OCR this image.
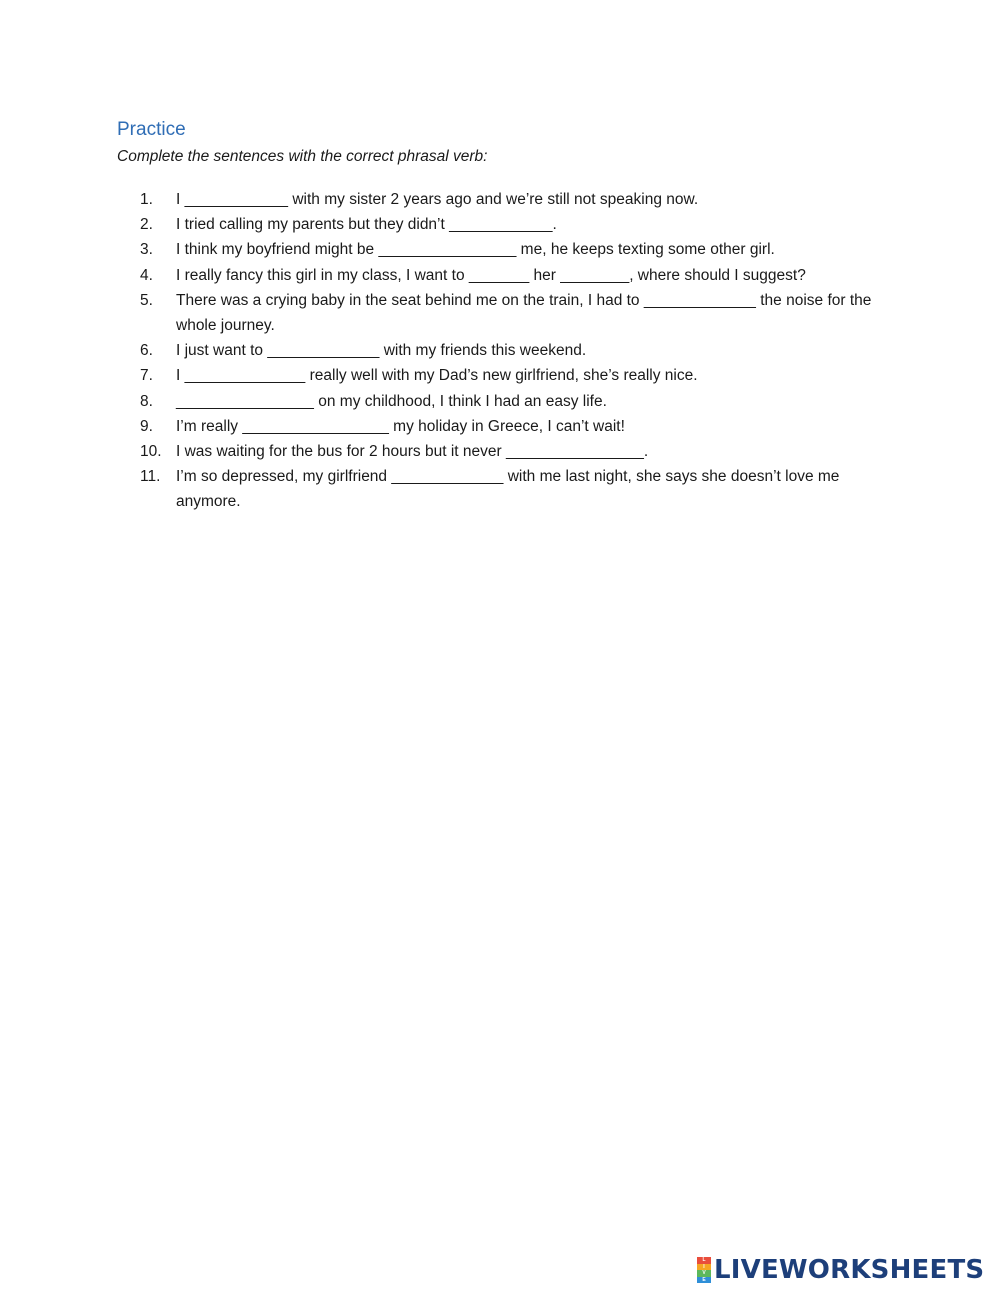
Practice
Complete the sentences with the correct phrasal verb:
1.	I ____________ with my sister 2 years ago and we’re still not speaking now.
2.	I tried calling my parents but they didn’t ____________.
3.	I think my boyfriend might be ________________ me, he keeps texting some other girl.
4.	I really fancy this girl in my class, I want to _______ her ________, where should I suggest?
5.	There was a crying baby in the seat behind me on the train, I had to _____________ the noise for the whole journey.
6.	I just want to _____________ with my friends this weekend.
7.	I ______________ really well with my Dad’s new girlfriend, she’s really nice.
8.	________________ on my childhood, I think I had an easy life.
9.	I’m really _________________ my holiday in Greece, I can’t wait!
10. I was waiting for the bus for 2 hours but it never ________________.
11.	I’m so depressed, my girlfriend _____________ with me last night, she says she doesn’t love me anymore.
L
I
V
E LIVEWORKSHEETS
